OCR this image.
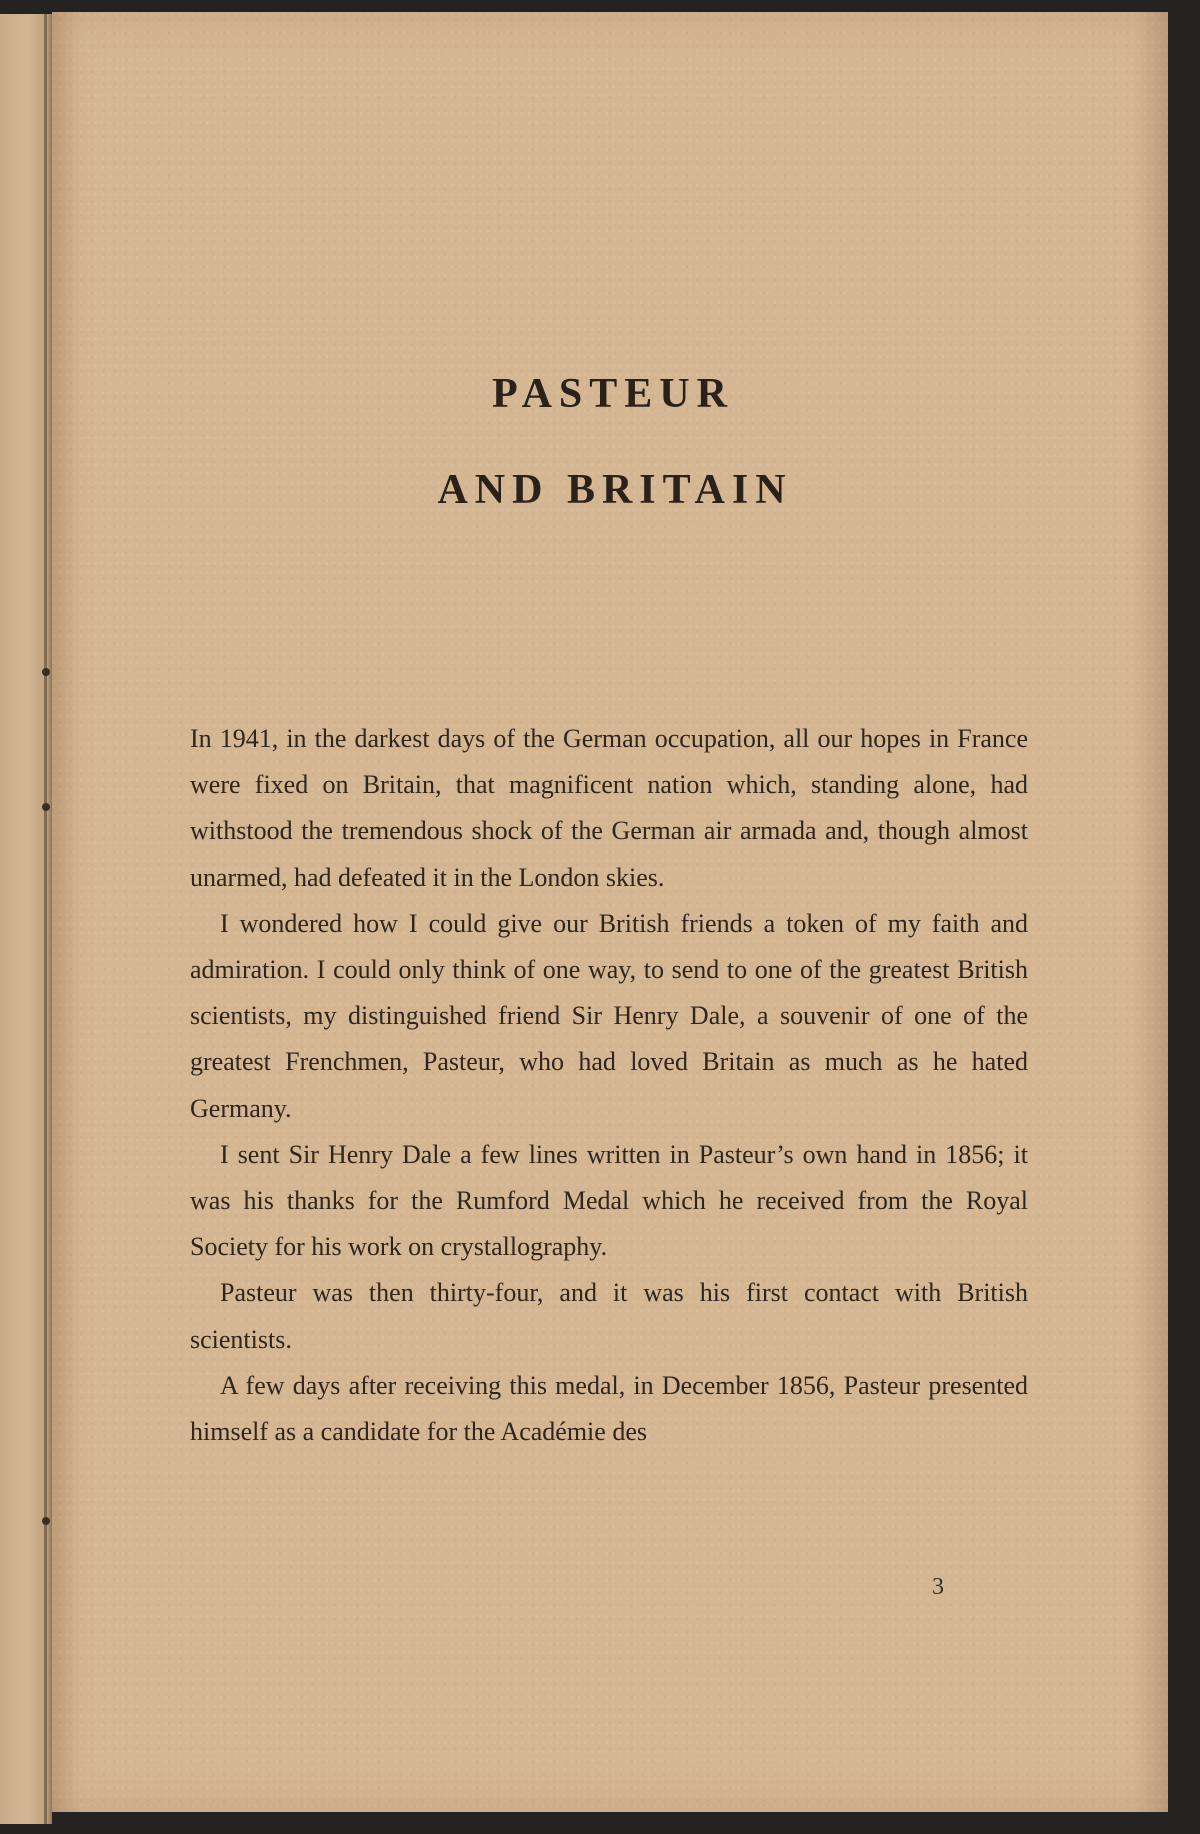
PASTEUR
AND BRITAIN

In 1941, in the darkest days of the German occupation, all our hopes in France were fixed on Britain, that magnificent nation which, standing alone, had withstood the tremendous shock of the German air armada and, though almost unarmed, had defeated it in the London skies.

I wondered how I could give our British friends a token of my faith and admiration. I could only think of one way, to send to one of the greatest British scientists, my distinguished friend Sir Henry Dale, a souvenir of one of the greatest Frenchmen, Pasteur, who had loved Britain as much as he hated Germany.

I sent Sir Henry Dale a few lines written in Pasteur’s own hand in 1856; it was his thanks for the Rumford Medal which he received from the Royal Society for his work on crystallography.

Pasteur was then thirty-four, and it was his first contact with British scientists.

A few days after receiving this medal, in December 1856, Pasteur presented himself as a candidate for the Académie des

3
